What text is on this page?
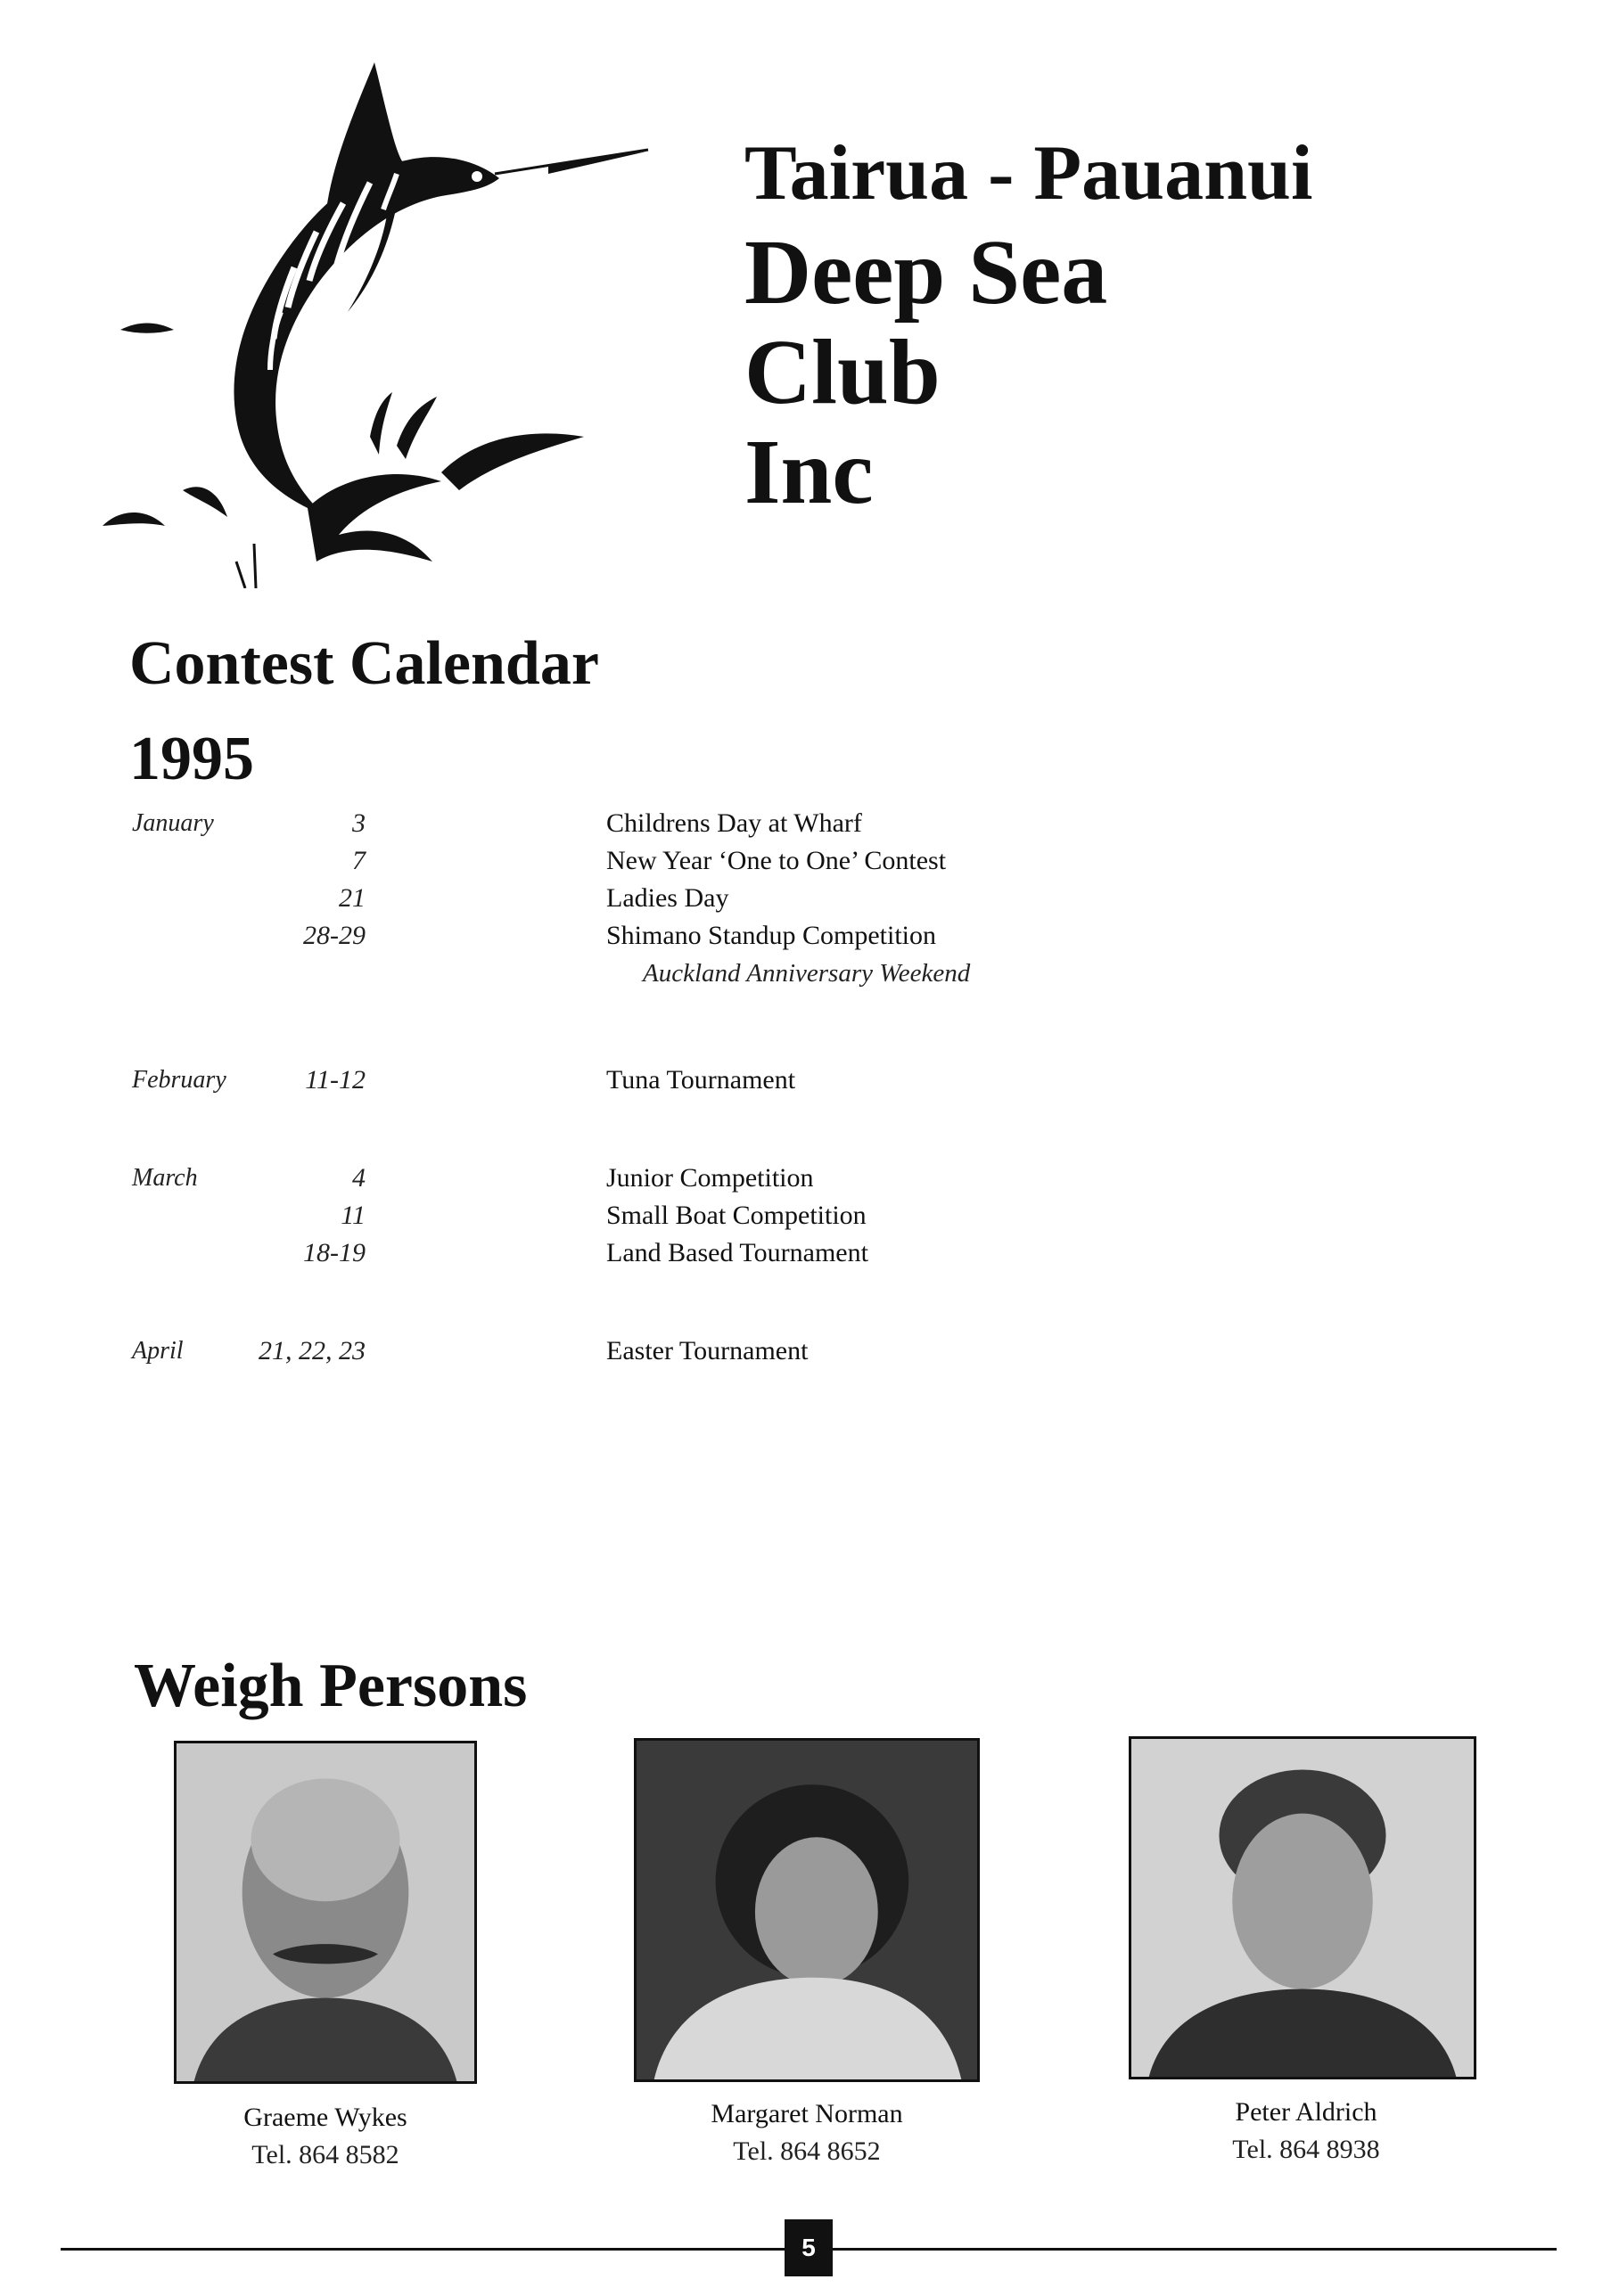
Tairua - Pauanui
Deep Sea
Club
Inc
Contest Calendar
1995
January	3	Childrens Day at Wharf
7	New Year ‘One to One’ Contest
21	Ladies Day
28-29	Shimano Standup Competition
Auckland Anniversary Weekend
February	11-12	Tuna Tournament
March	4	Junior Competition
11	Small Boat Competition
18-19	Land Based Tournament
April	21, 22, 23	Easter Tournament
Weigh Persons
Graeme Wykes
Tel. 864 8582
Margaret Norman
Tel. 864 8652
Peter Aldrich
Tel. 864 8938
5
